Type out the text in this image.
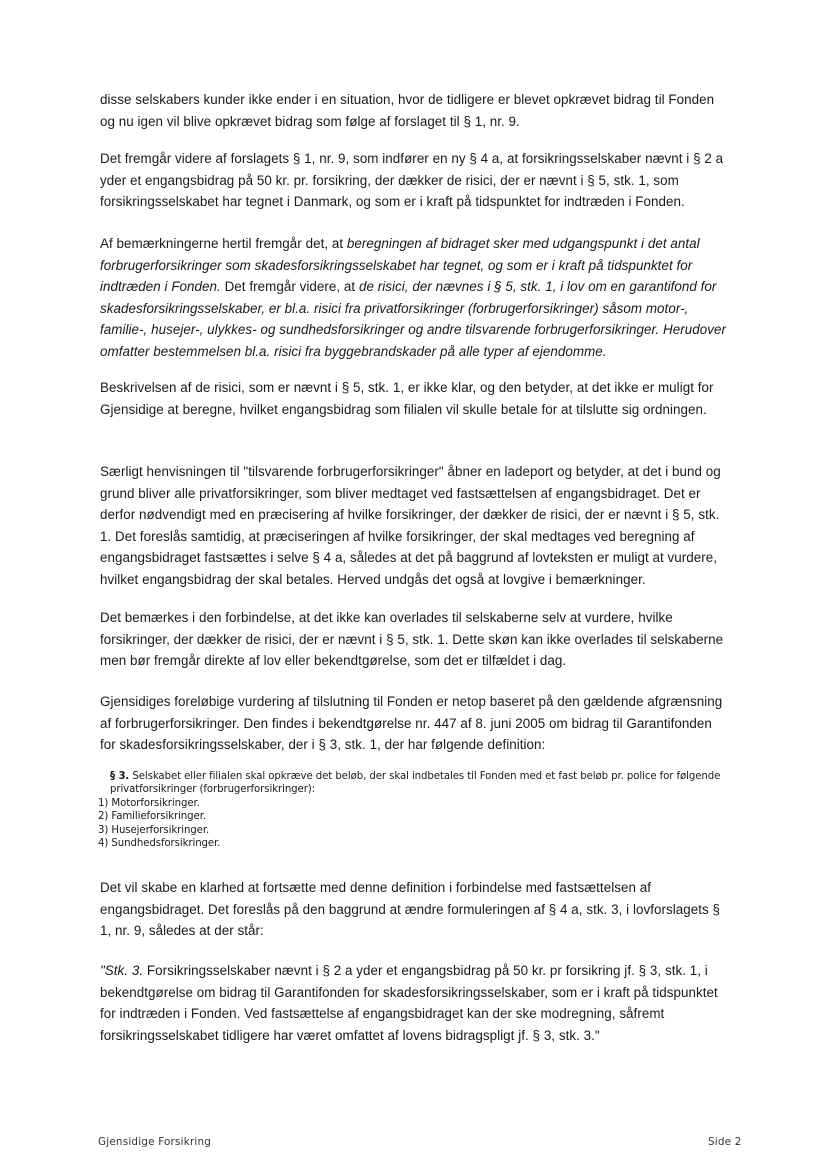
disse selskabers kunder ikke ender i en situation, hvor de tidligere er blevet opkrævet bidrag til Fonden og nu igen vil blive opkrævet bidrag som følge af forslaget til § 1, nr. 9.

Det fremgår videre af forslagets § 1, nr. 9, som indfører en ny § 4 a, at forsikringsselskaber nævnt i § 2 a yder et engangsbidrag på 50 kr. pr. forsikring, der dækker de risici, der er nævnt i § 5, stk. 1, som forsikringsselskabet har tegnet i Danmark, og som er i kraft på tidspunktet for indtræden i Fonden.

Af bemærkningerne hertil fremgår det, at beregningen af bidraget sker med udgangspunkt i det antal forbrugerforsikringer som skadesforsikringsselskabet har tegnet, og som er i kraft på tidspunktet for indtræden i Fonden. Det fremgår videre, at de risici, der nævnes i § 5, stk. 1, i lov om en garantifond for skadesforsikringsselskaber, er bl.a. risici fra privatforsikringer (forbrugerforsikringer) såsom motor-, familie-, husejer-, ulykkes- og sundhedsforsikringer og andre tilsvarende forbrugerforsikringer. Herudover omfatter bestemmelsen bl.a. risici fra byggebrandskader på alle typer af ejendomme.

Beskrivelsen af de risici, som er nævnt i § 5, stk. 1, er ikke klar, og den betyder, at det ikke er muligt for Gjensidige at beregne, hvilket engangsbidrag som filialen vil skulle betale for at tilslutte sig ordningen.

Særligt henvisningen til "tilsvarende forbrugerforsikringer" åbner en ladeport og betyder, at det i bund og grund bliver alle privatforsikringer, som bliver medtaget ved fastsættelsen af engangsbidraget. Det er derfor nødvendigt med en præcisering af hvilke forsikringer, der dækker de risici, der er nævnt i § 5, stk. 1. Det foreslås samtidig, at præciseringen af hvilke forsikringer, der skal medtages ved beregning af engangsbidraget fastsættes i selve § 4 a, således at det på baggrund af lovteksten er muligt at vurdere, hvilket engangsbidrag der skal betales. Herved undgås det også at lovgive i bemærkninger.

Det bemærkes i den forbindelse, at det ikke kan overlades til selskaberne selv at vurdere, hvilke forsikringer, der dækker de risici, der er nævnt i § 5, stk. 1. Dette skøn kan ikke overlades til selskaberne men bør fremgår direkte af lov eller bekendtgørelse, som det er tilfældet i dag.

Gjensidiges foreløbige vurdering af tilslutning til Fonden er netop baseret på den gældende afgrænsning af forbrugerforsikringer. Den findes i bekendtgørelse nr. 447 af 8. juni 2005 om bidrag til Garantifonden for skadesforsikringsselskaber, der i § 3, stk. 1, der har følgende definition:

§ 3. Selskabet eller filialen skal opkræve det beløb, der skal indbetales til Fonden med et fast beløb pr. police for følgende privatforsikringer (forbrugerforsikringer):
1) Motorforsikringer.
2) Familieforsikringer.
3) Husejerforsikringer.
4) Sundhedsforsikringer.

Det vil skabe en klarhed at fortsætte med denne definition i forbindelse med fastsættelsen af engangsbidraget. Det foreslås på den baggrund at ændre formuleringen af § 4 a, stk. 3, i lovforslagets § 1, nr. 9, således at der står:

"Stk. 3. Forsikringsselskaber nævnt i § 2 a yder et engangsbidrag på 50 kr. pr forsikring jf. § 3, stk. 1, i bekendtgørelse om bidrag til Garantifonden for skadesforsikringsselskaber, som er i kraft på tidspunktet for indtræden i Fonden. Ved fastsættelse af engangsbidraget kan der ske modregning, såfremt forsikringsselskabet tidligere har været omfattet af lovens bidragspligt jf. § 3, stk. 3."

Gjensidige Forsikring	Side 2
